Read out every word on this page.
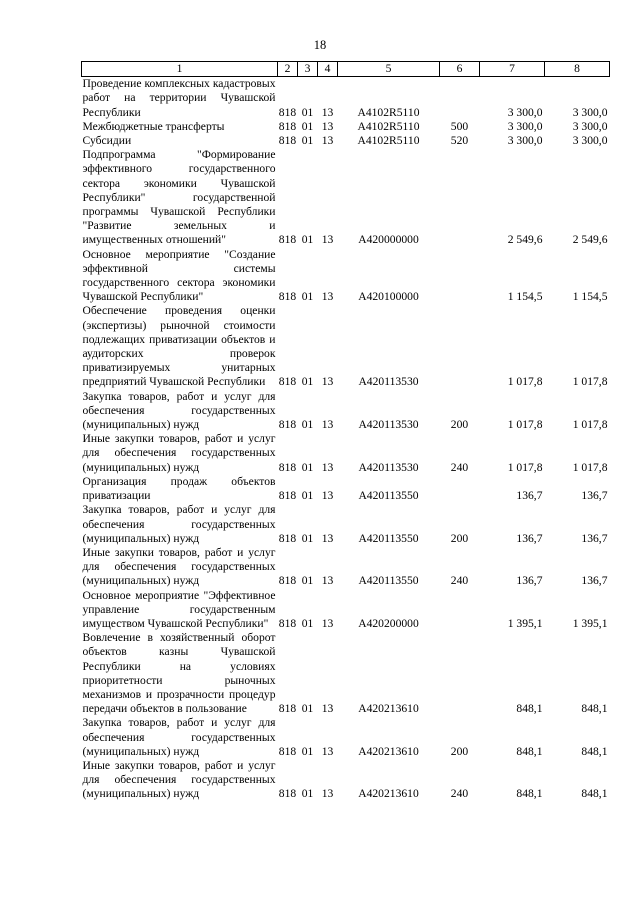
18
1	2	3	4	5	6	7	8
Проведение комплексных кадастровых работ на территории Чувашской Республики	818	01	13	A4102R5110		3 300,0	3 300,0
Межбюджетные трансферты	818	01	13	A4102R5110	500	3 300,0	3 300,0
Субсидии	818	01	13	A4102R5110	520	3 300,0	3 300,0
Подпрограмма "Формирование эффективного государственного сектора экономики Чувашской Республики" государственной программы Чувашской Республики "Развитие земельных и имущественных отношений"	818	01	13	A420000000		2 549,6	2 549,6
Основное мероприятие "Создание эффективной системы государственного сектора экономики Чувашской Республики"	818	01	13	A420100000		1 154,5	1 154,5
Обеспечение проведения оценки (экспертизы) рыночной стоимости подлежащих приватизации объектов и аудиторских проверок приватизируемых унитарных предприятий Чувашской Республики	818	01	13	A420113530		1 017,8	1 017,8
Закупка товаров, работ и услуг для обеспечения государственных (муниципальных) нужд	818	01	13	A420113530	200	1 017,8	1 017,8
Иные закупки товаров, работ и услуг для обеспечения государственных (муниципальных) нужд	818	01	13	A420113530	240	1 017,8	1 017,8
Организация продаж объектов приватизации	818	01	13	A420113550		136,7	136,7
Закупка товаров, работ и услуг для обеспечения государственных (муниципальных) нужд	818	01	13	A420113550	200	136,7	136,7
Иные закупки товаров, работ и услуг для обеспечения государственных (муниципальных) нужд	818	01	13	A420113550	240	136,7	136,7
Основное мероприятие "Эффективное управление государственным имуществом Чувашской Республики"	818	01	13	A420200000		1 395,1	1 395,1
Вовлечение в хозяйственный оборот объектов казны Чувашской Республики на условиях приоритетности рыночных механизмов и прозрачности процедур передачи объектов в пользование	818	01	13	A420213610		848,1	848,1
Закупка товаров, работ и услуг для обеспечения государственных (муниципальных) нужд	818	01	13	A420213610	200	848,1	848,1
Иные закупки товаров, работ и услуг для обеспечения государственных (муниципальных) нужд	818	01	13	A420213610	240	848,1	848,1
